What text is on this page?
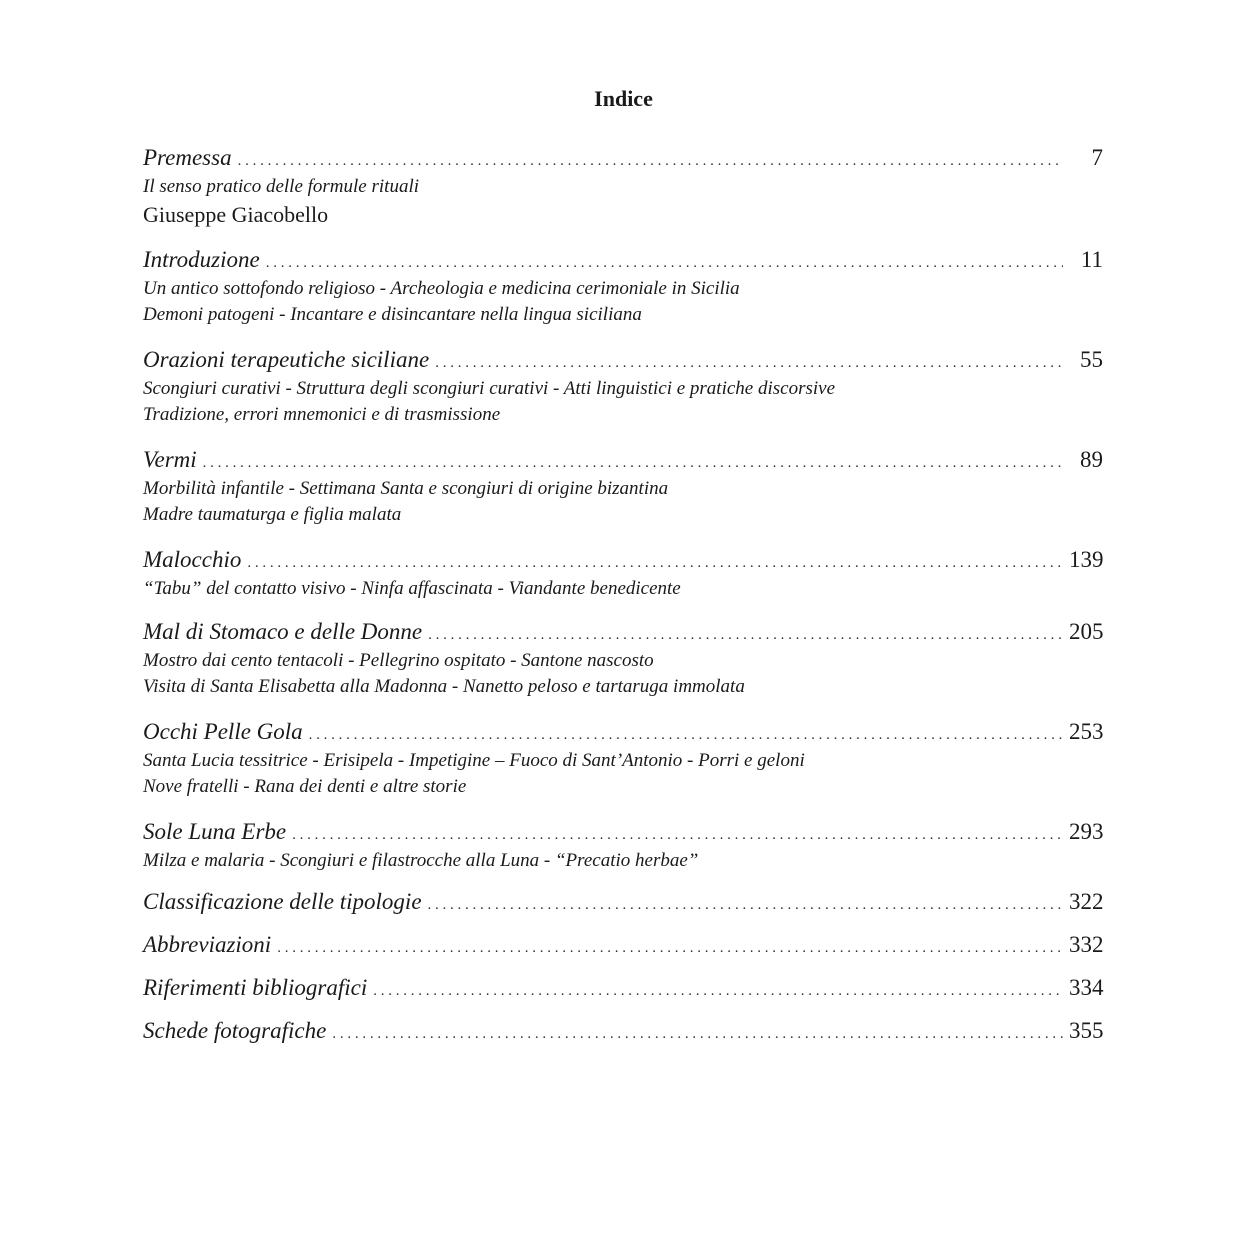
Indice
Premessa . . .	7
Il senso pratico delle formule rituali
Giuseppe Giacobello
Introduzione . . .	11
Un antico sottofondo religioso - Archeologia e medicina cerimoniale in Sicilia
Demoni patogeni - Incantare e disincantare nella lingua siciliana
Orazioni terapeutiche siciliane . . .	55
Scongiuri curativi - Struttura degli scongiuri curativi - Atti linguistici e pratiche discorsive
Tradizione, errori mnemonici e di trasmissione
Vermi . . .	89
Morbilità infantile - Settimana Santa e scongiuri di origine bizantina
Madre taumaturga e figlia malata
Malocchio . . .	139
“Tabu” del contatto visivo - Ninfa affascinata - Viandante benedicente
Mal di Stomaco e delle Donne . . .	205
Mostro dai cento tentacoli - Pellegrino ospitato - Santone nascosto
Visita di Santa Elisabetta alla Madonna - Nanetto peloso e tartaruga immolata
Occhi Pelle Gola . . .	253
Santa Lucia tessitrice - Erisipela - Impetigine – Fuoco di Sant’Antonio - Porri e geloni
Nove fratelli - Rana dei denti e altre storie
Sole Luna Erbe . . .	293
Milza e malaria - Scongiuri e filastrocche alla Luna - “Precatio herbae”
Classificazione delle tipologie . . .	322
Abbreviazioni . . .	332
Riferimenti bibliografici . . .	334
Schede fotografiche . . .	355
